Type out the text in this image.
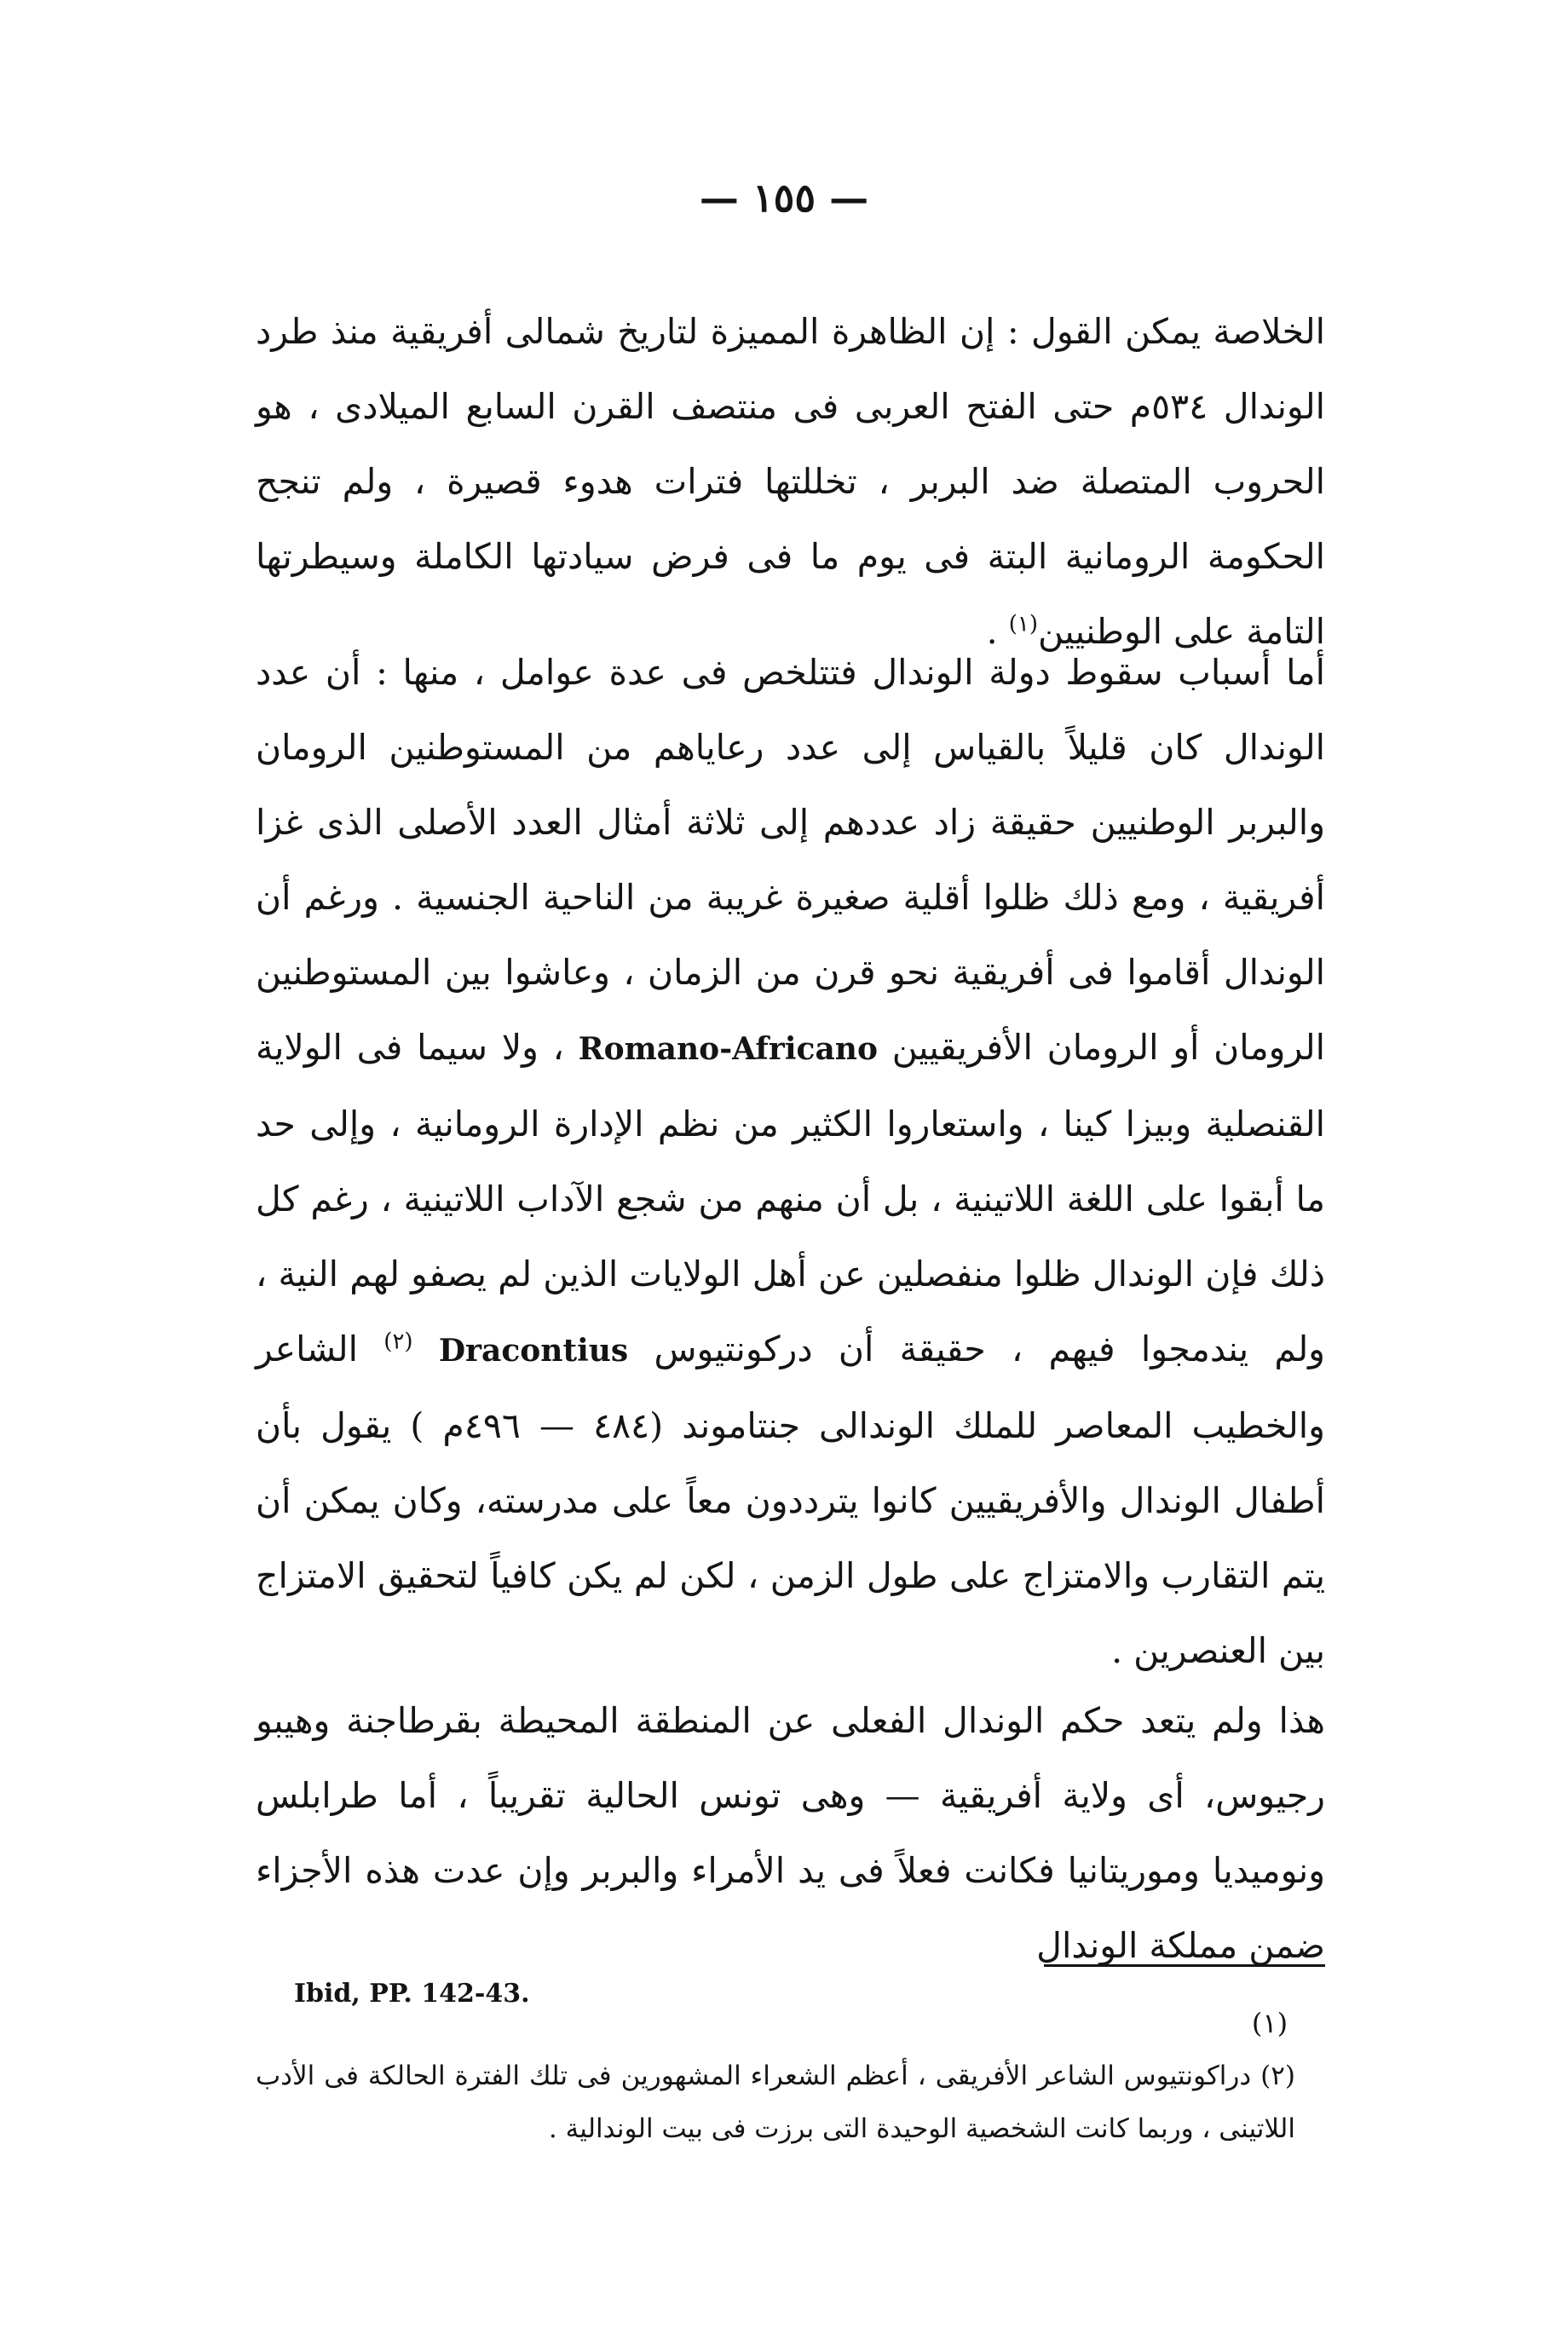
— ١٥٥ —

الخلاصة يمكن القول : إن الظاهرة المميزة لتاريخ شمالى أفريقية منذ طرد الوندال ٥٣٤م حتى الفتح العربى فى منتصف القرن السابع الميلادى ، هو الحروب المتصلة ضد البربر ، تخللتها فترات هدوء قصيرة ، ولم تنجح الحكومة الرومانية البتة فى يوم ما فى فرض سيادتها الكاملة وسيطرتها التامة على الوطنيين$^{(١)}$ .

أما أسباب سقوط دولة الوندال فتتلخص فى عدة عوامل ، منها : أن عدد الوندال كان قليلاً بالقياس إلى عدد رعاياهم من المستوطنين الرومان والبربر الوطنيين حقيقة زاد عددهم إلى ثلاثة أمثال العدد الأصلى الذى غزا أفريقية ، ومع ذلك ظلوا أقلية صغيرة غريبة من الناحية الجنسية . ورغم أن الوندال أقاموا فى أفريقية نحو قرن من الزمان ، وعاشوا بين المستوطنين الرومان أو الرومان الأفريقيين Romano-Africano ، ولا سيما فى الولاية القنصلية وبيزا كينا ، واستعاروا الكثير من نظم الإدارة الرومانية ، وإلى حد ما أبقوا على اللغة اللاتينية ، بل أن منهم من شجع الآداب اللاتينية ، رغم كل ذلك فإن الوندال ظلوا منفصلين عن أهل الولايات الذين لم يصفو لهم النية ، ولم يندمجوا فيهم ، حقيقة أن دركونتيوس Dracontius $^{(٢)}$ الشاعر والخطيب المعاصر للملك الوندالى جنتاموند (٤٨٤ — ٤٩٦م ) يقول بأن أطفال الوندال والأفريقيين كانوا يترددون معاً على مدرسته، وكان يمكن أن يتم التقارب والامتزاج على طول الزمن ، لكن لم يكن كافياً لتحقيق الامتزاج بين العنصرين .

هذا ولم يتعد حكم الوندال الفعلى عن المنطقة المحيطة بقرطاجنة وهيبو رجيوس، أى ولاية أفريقية — وهى تونس الحالية تقريباً ، أما طرابلس ونوميديا وموريتانيا فكانت فعلاً فى يد الأمراء والبربر وإن عدت هذه الأجزاء ضمن مملكة الوندال

Ibid, PP. 142-43.
(١)
(٢) دراكونتيوس الشاعر الأفريقى ، أعظم الشعراء المشهورين فى تلك الفترة الحالكة فى الأدب اللاتينى ، وربما كانت الشخصية الوحيدة التى برزت فى بيت الوندالية .
